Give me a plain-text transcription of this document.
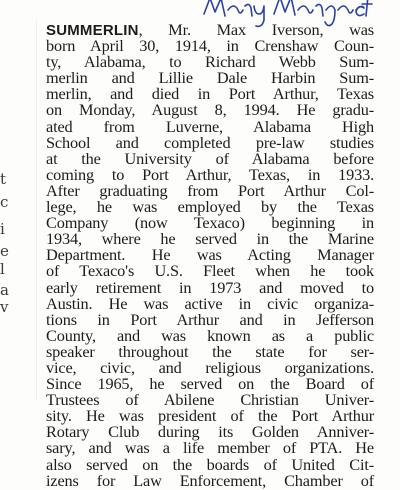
t
c
i
e
l
a
v
SUMMERLIN, Mr. Max Iverson, was
born April 30, 1914, in Crenshaw Coun-
ty, Alabama, to Richard Webb Sum-
merlin and Lillie Dale Harbin Sum-
merlin, and died in Port Arthur, Texas
on Monday, August 8, 1994. He gradu-
ated from Luverne, Alabama High
School and completed pre-law studies
at the University of Alabama before
coming to Port Arthur, Texas, in 1933.
After graduating from Port Arthur Col-
lege, he was employed by the Texas
Company (now Texaco) beginning in
1934, where he served in the Marine
Department. He was Acting Manager
of Texaco's U.S. Fleet when he took
early retirement in 1973 and moved to
Austin. He was active in civic organiza-
tions in Port Arthur and in Jefferson
County, and was known as a public
speaker throughout the state for ser-
vice, civic, and religious organizations.
Since 1965, he served on the Board of
Trustees of Abilene Christian Univer-
sity. He was president of the Port Arthur
Rotary Club during its Golden Anniver-
sary, and was a life member of PTA. He
also served on the boards of United Cit-
izens for Law Enforcement, Chamber of
